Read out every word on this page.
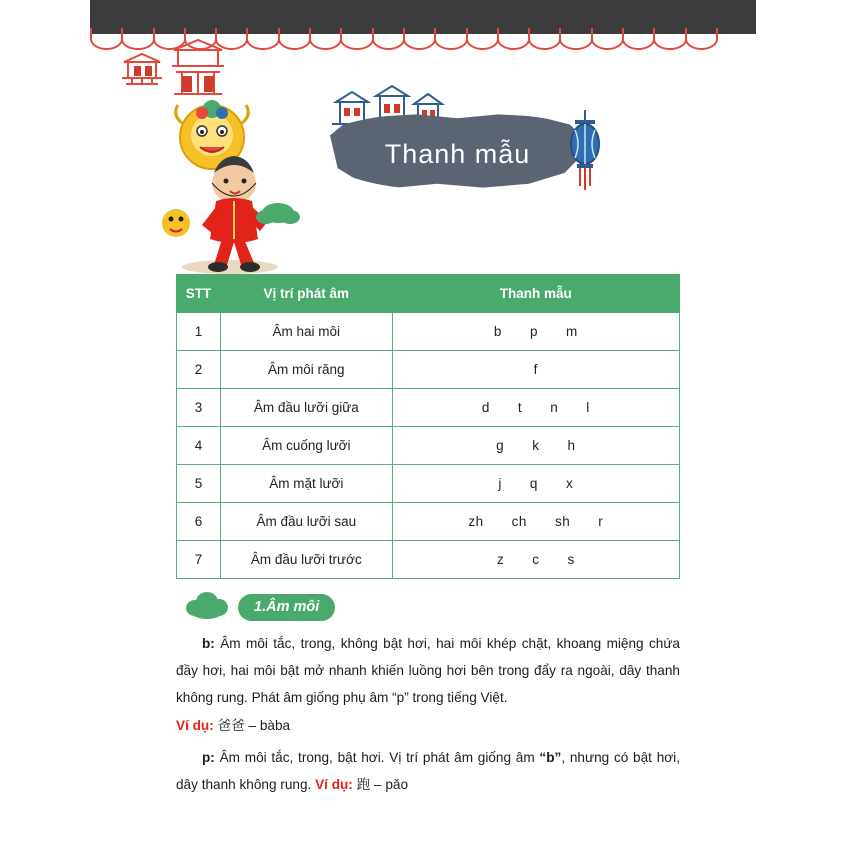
Thanh mẫu
STT	Vị trí phát âm	Thanh mẫu
1	Âm hai môi	b p m
2	Âm môi răng	f
3	Âm đầu lưỡi giữa	d t n l
4	Âm cuống lưỡi	g k h
5	Âm mặt lưỡi	j q x
6	Âm đầu lưỡi sau	zh ch sh r
7	Âm đầu lưỡi trước	z c s
1.Âm môi

b: Âm môi tắc, trong, không bật hơi, hai môi khép chặt, khoang miệng chứa đầy hơi, hai môi bật mở nhanh khiến luồng hơi bên trong đẩy ra ngoài, dây thanh không rung. Phát âm giống phụ âm “p” trong tiếng Việt.
Ví dụ: 爸爸 – bàba

p: Âm môi tắc, trong, bật hơi. Vị trí phát âm giống âm “b”, nhưng có bật hơi, dây thanh không rung. Ví dụ: 跑 – pǎo
